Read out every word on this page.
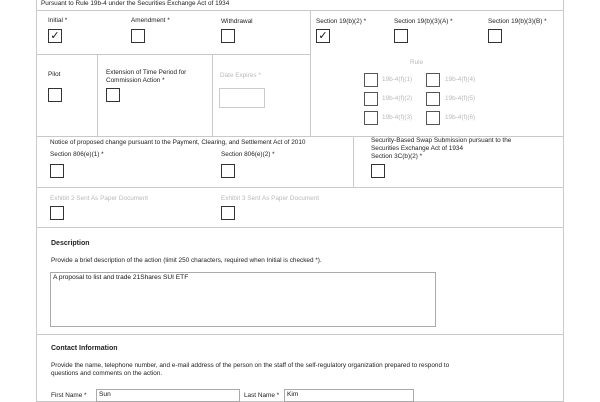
Pursuant to Rule 19b-4 under the Securities Exchange Act of 1934
Initial *
✓
Amendment *	Withdrawal	Section 19(b)(2) *
✓
Section 19(b)(3)(A) *	Section 19(b)(3)(B) *
Pilot	Extension of Time Period for Commission Action *
Date Expires *
Rule
19b-4(f)(1)
19b-4(f)(2)
19b-4(f)(3)
19b-4(f)(4)
19b-4(f)(5)
19b-4(f)(6)
Notice of proposed change pursuant to the Payment, Clearing, and Settlement Act of 2010
Section 806(e)(1) *	Section 806(e)(2) *
Security-Based Swap Submission pursuant to the Securities Exchange Act of 1934
Section 3C(b)(2) *
Exhibit 2 Sent As Paper Document	Exhibit 3 Sent As Paper Document
Description
Provide a brief description of the action (limit 250 characters, required when Initial is checked *).
A proposal to list and trade 21Shares SUI ETF
Contact Information
Provide the name, telephone number, and e-mail address of the person on the staff of the self-regulatory organization prepared to respond to questions and comments on the action.
First Name *	Sun	Last Name *	Kim
